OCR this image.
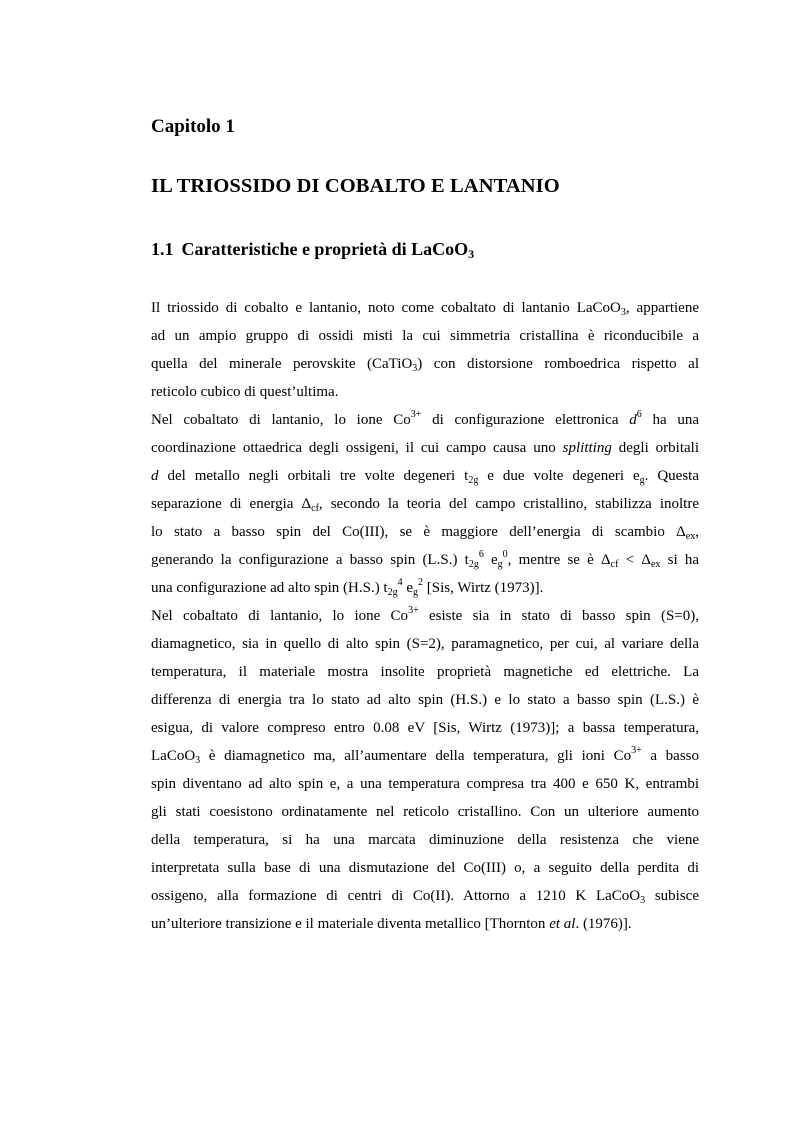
Capitolo 1
IL TRIOSSIDO DI COBALTO E LANTANIO
1.1 Caratteristiche e proprietà di LaCoO$_3$
Il triossido di cobalto e lantanio, noto come cobaltato di lantanio LaCoO$_3$, appartiene
ad un ampio gruppo di ossidi misti la cui simmetria cristallina è riconducibile a
quella del minerale perovskite (CaTiO$_3$) con distorsione romboedrica rispetto al
reticolo cubico di quest’ultima.
Nel cobaltato di lantanio, lo ione $Co^{3+}$ di configurazione elettronica $d^6$ ha una
coordinazione ottaedrica degli ossigeni, il cui campo causa uno splitting degli orbitali
d del metallo negli orbitali tre volte degeneri $t_{2g}$ e due volte degeneri $e_g$. Questa
separazione di energia $\Delta_{cf}$, secondo la teoria del campo cristallino, stabilizza inoltre
lo stato a basso spin del Co(III), se è maggiore dell’energia di scambio $\Delta_{ex}$,
generando la configurazione a basso spin (L.S.) $t_{2g}^6$ $e_g^0$, mentre se è $\Delta_{cf} < \Delta_{ex}$ si ha
una configurazione ad alto spin (H.S.) $t_{2g}^4$ $e_g^2$ [Sis, Wirtz (1973)].
Nel cobaltato di lantanio, lo ione $Co^{3+}$ esiste sia in stato di basso spin (S=0),
diamagnetico, sia in quello di alto spin (S=2), paramagnetico, per cui, al variare della
temperatura, il materiale mostra insolite proprietà magnetiche ed elettriche. La
differenza di energia tra lo stato ad alto spin (H.S.) e lo stato a basso spin (L.S.) è
esigua, di valore compreso entro 0.08 eV [Sis, Wirtz (1973)]; a bassa temperatura,
LaCoO$_3$ è diamagnetico ma, all’aumentare della temperatura, gli ioni $Co^{3+}$ a basso
spin diventano ad alto spin e, a una temperatura compresa tra 400 e 650 K, entrambi
gli stati coesistono ordinatamente nel reticolo cristallino. Con un ulteriore aumento
della temperatura, si ha una marcata diminuzione della resistenza che viene
interpretata sulla base di una dismutazione del Co(III) o, a seguito della perdita di
ossigeno, alla formazione di centri di Co(II). Attorno a 1210 K LaCoO$_3$ subisce
un’ulteriore transizione e il materiale diventa metallico [Thornton et al. (1976)].
